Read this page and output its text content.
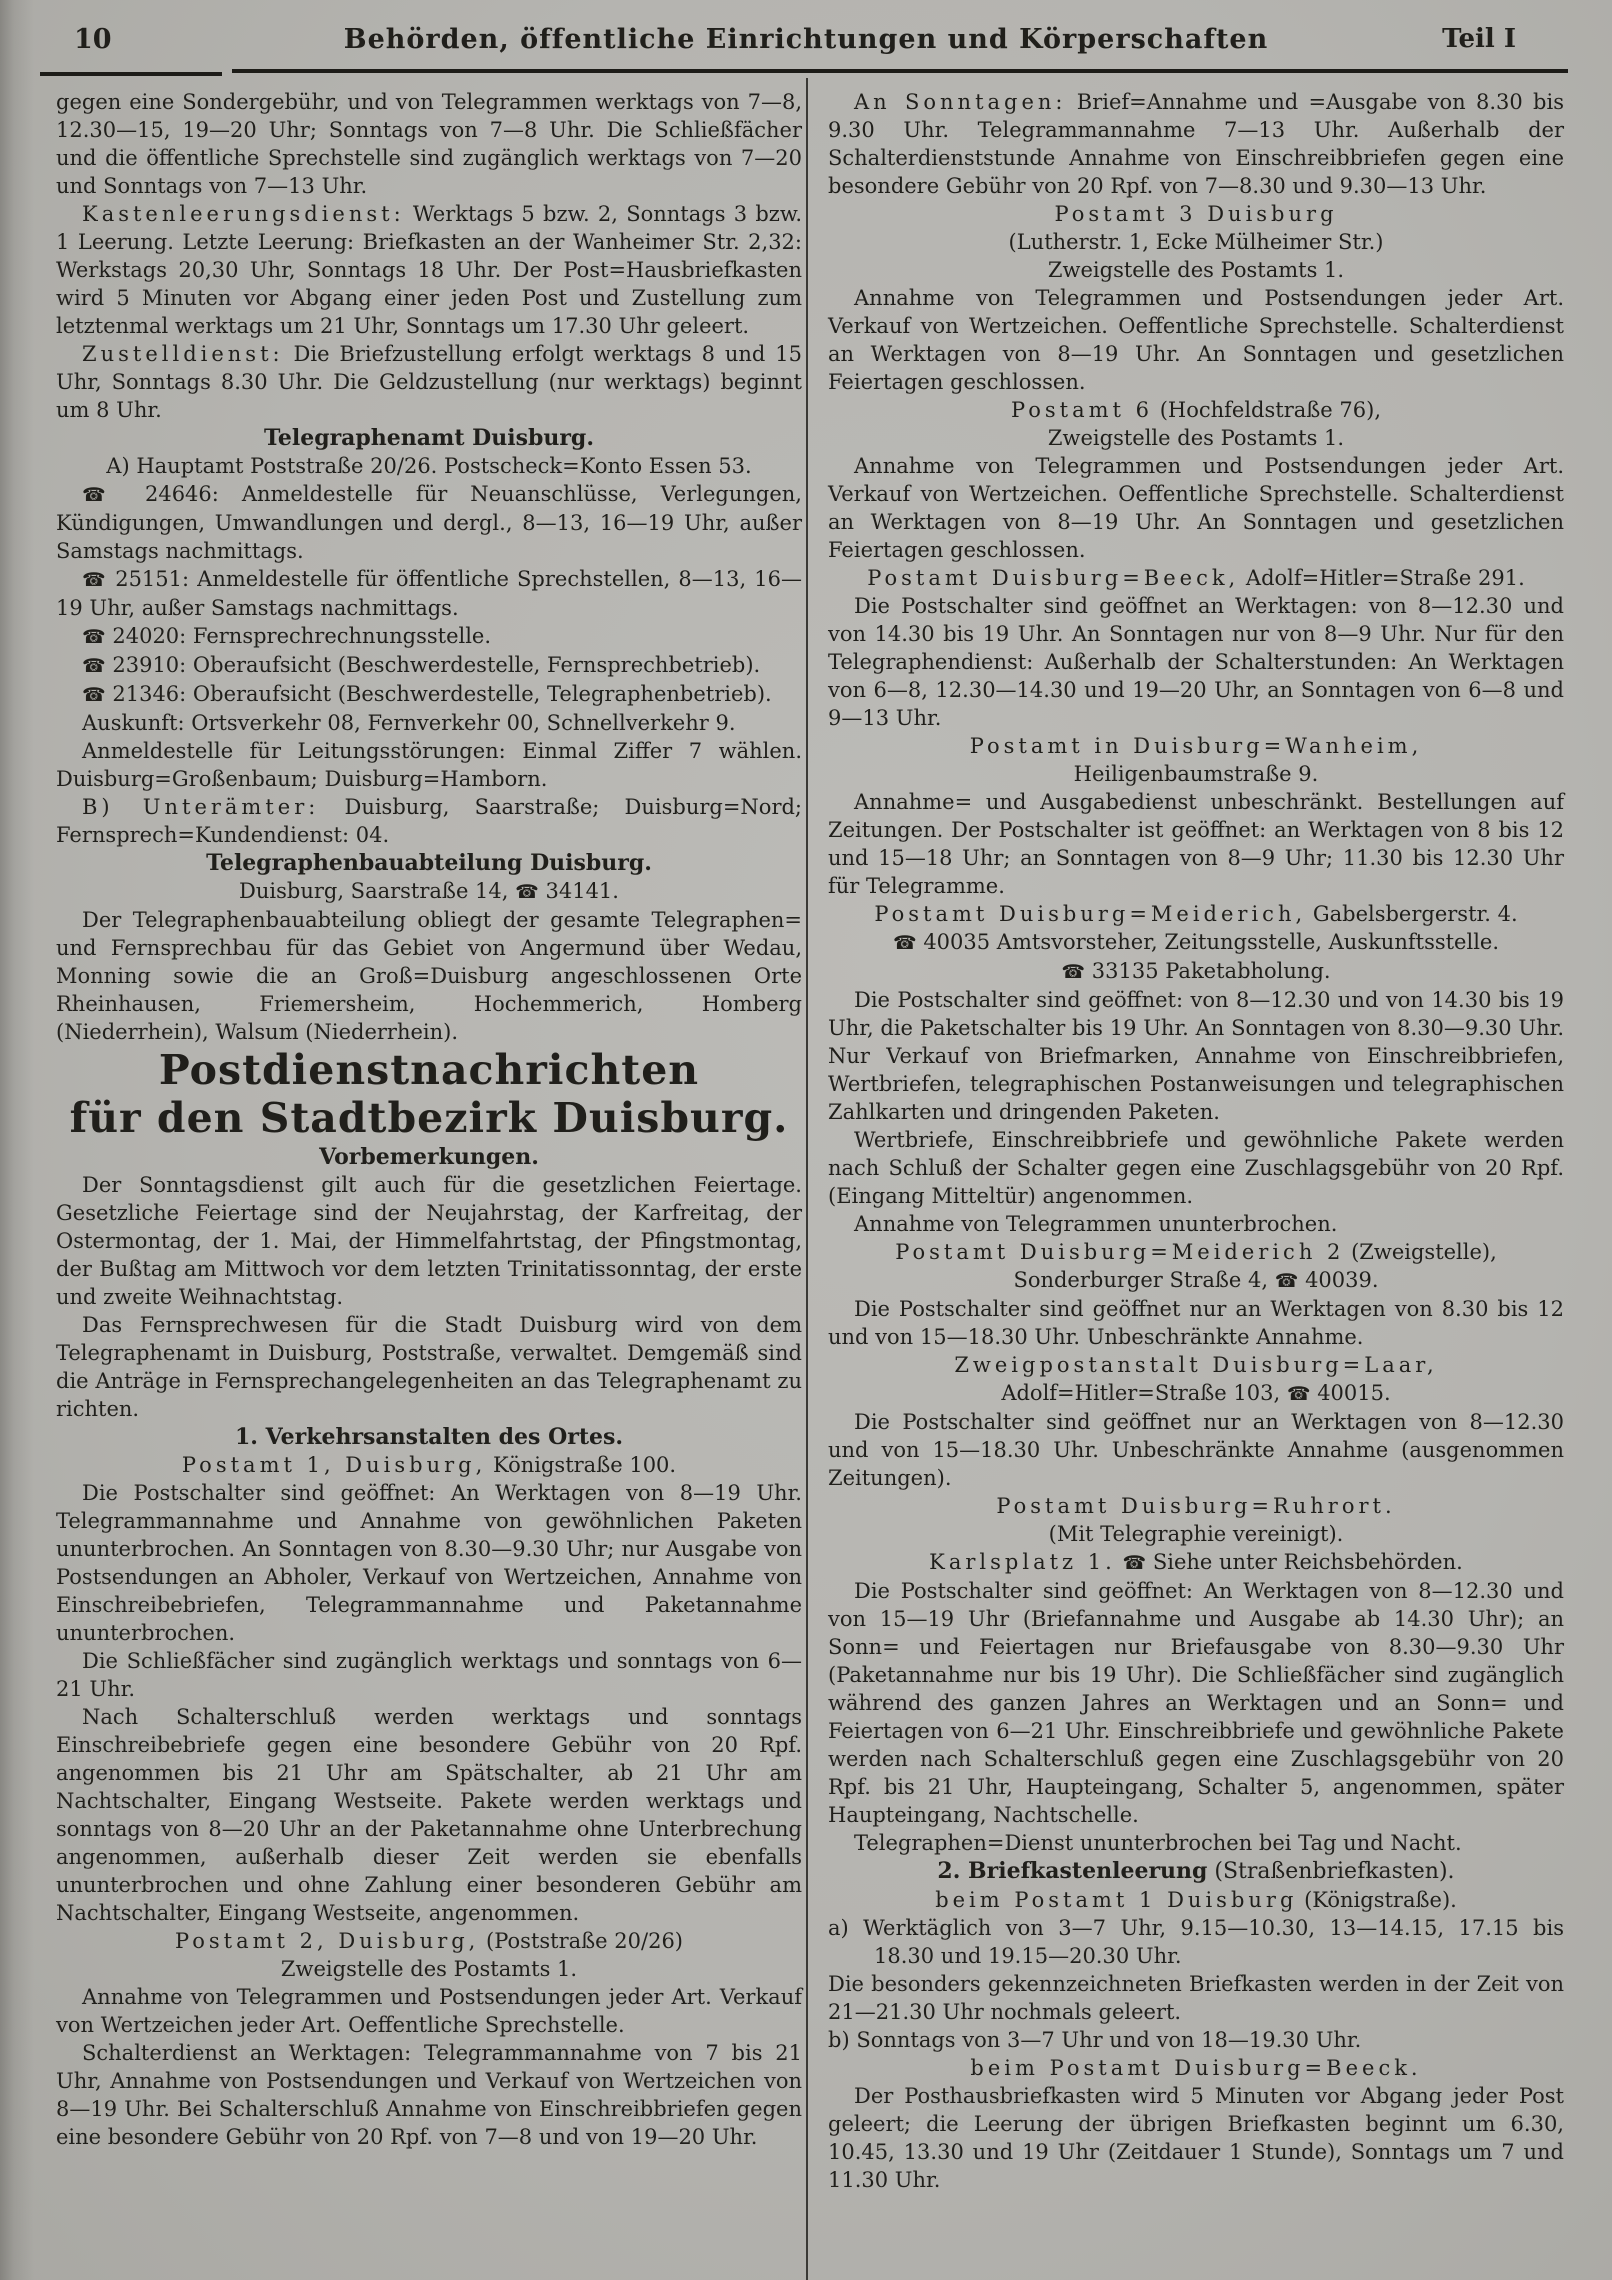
10	Behörden, öffentliche Einrichtungen und Körperschaften	Teil I

gegen eine Sondergebühr, und von Telegrammen werktags von 7—8, 12.30—15, 19—20 Uhr; Sonntags von 7—8 Uhr. Die Schließfächer und die öffentliche Sprechstelle sind zugänglich werktags von 7—20 und Sonntags von 7—13 Uhr.

Kastenleerungsdienst: Werktags 5 bzw. 2, Sonntags 3 bzw. 1 Leerung. Letzte Leerung: Briefkasten an der Wanheimer Str. 2,32: Werkstags 20,30 Uhr, Sonntags 18 Uhr. Der Post=Hausbriefkasten wird 5 Minuten vor Abgang einer jeden Post und Zustellung zum letztenmal werktags um 21 Uhr, Sonntags um 17.30 Uhr geleert.

Zustelldienst: Die Briefzustellung erfolgt werktags 8 und 15 Uhr, Sonntags 8.30 Uhr. Die Geldzustellung (nur werktags) beginnt um 8 Uhr.

Telegraphenamt Duisburg.

A) Hauptamt Poststraße 20/26. Postscheck=Konto Essen 53.

☎ 24646: Anmeldestelle für Neuanschlüsse, Verlegungen, Kündigungen, Umwandlungen und dergl., 8—13, 16—19 Uhr, außer Samstags nachmittags.

☎ 25151: Anmeldestelle für öffentliche Sprechstellen, 8—13, 16—19 Uhr, außer Samstags nachmittags.

☎ 24020: Fernsprechrechnungsstelle.

☎ 23910: Oberaufsicht (Beschwerdestelle, Fernsprechbetrieb).

☎ 21346: Oberaufsicht (Beschwerdestelle, Telegraphenbetrieb).

Auskunft: Ortsverkehr 08, Fernverkehr 00, Schnellverkehr 9.

Anmeldestelle für Leitungsstörungen: Einmal Ziffer 7 wählen. Duisburg=Großenbaum; Duisburg=Hamborn.

B) Unterämter: Duisburg, Saarstraße; Duisburg=Nord; Fernsprech=Kundendienst: 04.

Telegraphenbauabteilung Duisburg.

Duisburg, Saarstraße 14, ☎ 34141.

Der Telegraphenbauabteilung obliegt der gesamte Telegraphen= und Fernsprechbau für das Gebiet von Angermund über Wedau, Monning sowie die an Groß=Duisburg angeschlossenen Orte Rheinhausen, Friemersheim, Hochemmerich, Homberg (Niederrhein), Walsum (Niederrhein).

Postdienstnachrichten
für den Stadtbezirk Duisburg.
Vorbemerkungen.

Der Sonntagsdienst gilt auch für die gesetzlichen Feiertage. Gesetzliche Feiertage sind der Neujahrstag, der Karfreitag, der Ostermontag, der 1. Mai, der Himmelfahrtstag, der Pfingstmontag, der Bußtag am Mittwoch vor dem letzten Trinitatissonntag, der erste und zweite Weihnachtstag.

Das Fernsprechwesen für die Stadt Duisburg wird von dem Telegraphenamt in Duisburg, Poststraße, verwaltet. Demgemäß sind die Anträge in Fernsprechangelegenheiten an das Telegraphenamt zu richten.

1. Verkehrsanstalten des Ortes.

Postamt 1, Duisburg, Königstraße 100.

Die Postschalter sind geöffnet: An Werktagen von 8—19 Uhr. Telegrammannahme und Annahme von gewöhnlichen Paketen ununterbrochen. An Sonntagen von 8.30—9.30 Uhr; nur Ausgabe von Postsendungen an Abholer, Verkauf von Wertzeichen, Annahme von Einschreibebriefen, Telegrammannahme und Paketannahme ununterbrochen.

Die Schließfächer sind zugänglich werktags und sonntags von 6—21 Uhr.

Nach Schalterschluß werden werktags und sonntags Einschreibebriefe gegen eine besondere Gebühr von 20 Rpf. angenommen bis 21 Uhr am Spätschalter, ab 21 Uhr am Nachtschalter, Eingang Westseite. Pakete werden werktags und sonntags von 8—20 Uhr an der Paketannahme ohne Unterbrechung angenommen, außerhalb dieser Zeit werden sie ebenfalls ununterbrochen und ohne Zahlung einer besonderen Gebühr am Nachtschalter, Eingang Westseite, angenommen.

Postamt 2, Duisburg, (Poststraße 20/26)

Zweigstelle des Postamts 1.

Annahme von Telegrammen und Postsendungen jeder Art. Verkauf von Wertzeichen jeder Art. Oeffentliche Sprechstelle.

Schalterdienst an Werktagen: Telegrammannahme von 7 bis 21 Uhr, Annahme von Postsendungen und Verkauf von Wertzeichen von 8—19 Uhr. Bei Schalterschluß Annahme von Einschreibbriefen gegen eine besondere Gebühr von 20 Rpf. von 7—8 und von 19—20 Uhr.

An Sonntagen: Brief=Annahme und =Ausgabe von 8.30 bis 9.30 Uhr. Telegrammannahme 7—13 Uhr. Außerhalb der Schalterdienststunde Annahme von Einschreibbriefen gegen eine besondere Gebühr von 20 Rpf. von 7—8.30 und 9.30—13 Uhr.

Postamt 3 Duisburg

(Lutherstr. 1, Ecke Mülheimer Str.)

Zweigstelle des Postamts 1.

Annahme von Telegrammen und Postsendungen jeder Art. Verkauf von Wertzeichen. Oeffentliche Sprechstelle. Schalterdienst an Werktagen von 8—19 Uhr. An Sonntagen und gesetzlichen Feiertagen geschlossen.

Postamt 6 (Hochfeldstraße 76),

Zweigstelle des Postamts 1.

Annahme von Telegrammen und Postsendungen jeder Art. Verkauf von Wertzeichen. Oeffentliche Sprechstelle. Schalterdienst an Werktagen von 8—19 Uhr. An Sonntagen und gesetzlichen Feiertagen geschlossen.

Postamt Duisburg=Beeck, Adolf=Hitler=Straße 291.

Die Postschalter sind geöffnet an Werktagen: von 8—12.30 und von 14.30 bis 19 Uhr. An Sonntagen nur von 8—9 Uhr. Nur für den Telegraphendienst: Außerhalb der Schalterstunden: An Werktagen von 6—8, 12.30—14.30 und 19—20 Uhr, an Sonntagen von 6—8 und 9—13 Uhr.

Postamt in Duisburg=Wanheim,

Heiligenbaumstraße 9.

Annahme= und Ausgabedienst unbeschränkt. Bestellungen auf Zeitungen. Der Postschalter ist geöffnet: an Werktagen von 8 bis 12 und 15—18 Uhr; an Sonntagen von 8—9 Uhr; 11.30 bis 12.30 Uhr für Telegramme.

Postamt Duisburg=Meiderich, Gabelsbergerstr. 4.

☎ 40035 Amtsvorsteher, Zeitungsstelle, Auskunftsstelle.

☎ 33135 Paketabholung.

Die Postschalter sind geöffnet: von 8—12.30 und von 14.30 bis 19 Uhr, die Paketschalter bis 19 Uhr. An Sonntagen von 8.30—9.30 Uhr. Nur Verkauf von Briefmarken, Annahme von Einschreibbriefen, Wertbriefen, telegraphischen Postanweisungen und telegraphischen Zahlkarten und dringenden Paketen.

Wertbriefe, Einschreibbriefe und gewöhnliche Pakete werden nach Schluß der Schalter gegen eine Zuschlagsgebühr von 20 Rpf. (Eingang Mitteltür) angenommen.

Annahme von Telegrammen ununterbrochen.

Postamt Duisburg=Meiderich 2 (Zweigstelle),

Sonderburger Straße 4, ☎ 40039.

Die Postschalter sind geöffnet nur an Werktagen von 8.30 bis 12 und von 15—18.30 Uhr. Unbeschränkte Annahme.

Zweigpostanstalt Duisburg=Laar,

Adolf=Hitler=Straße 103, ☎ 40015.

Die Postschalter sind geöffnet nur an Werktagen von 8—12.30 und von 15—18.30 Uhr. Unbeschränkte Annahme (ausgenommen Zeitungen).

Postamt Duisburg=Ruhrort.

(Mit Telegraphie vereinigt).

Karlsplatz 1. ☎ Siehe unter Reichsbehörden.

Die Postschalter sind geöffnet: An Werktagen von 8—12.30 und von 15—19 Uhr (Briefannahme und Ausgabe ab 14.30 Uhr); an Sonn= und Feiertagen nur Briefausgabe von 8.30—9.30 Uhr (Paketannahme nur bis 19 Uhr). Die Schließfächer sind zugänglich während des ganzen Jahres an Werktagen und an Sonn= und Feiertagen von 6—21 Uhr. Einschreibbriefe und gewöhnliche Pakete werden nach Schalterschluß gegen eine Zuschlagsgebühr von 20 Rpf. bis 21 Uhr, Haupteingang, Schalter 5, angenommen, später Haupteingang, Nachtschelle.

Telegraphen=Dienst ununterbrochen bei Tag und Nacht.

2. Briefkastenleerung (Straßenbriefkasten).

beim Postamt 1 Duisburg (Königstraße).

a) Werktäglich von 3—7 Uhr, 9.15—10.30, 13—14.15, 17.15 bis 18.30 und 19.15—20.30 Uhr.

Die besonders gekennzeichneten Briefkasten werden in der Zeit von 21—21.30 Uhr nochmals geleert.

b) Sonntags von 3—7 Uhr und von 18—19.30 Uhr.

beim Postamt Duisburg=Beeck.

Der Posthausbriefkasten wird 5 Minuten vor Abgang jeder Post geleert; die Leerung der übrigen Briefkasten beginnt um 6.30, 10.45, 13.30 und 19 Uhr (Zeitdauer 1 Stunde), Sonntags um 7 und 11.30 Uhr.
